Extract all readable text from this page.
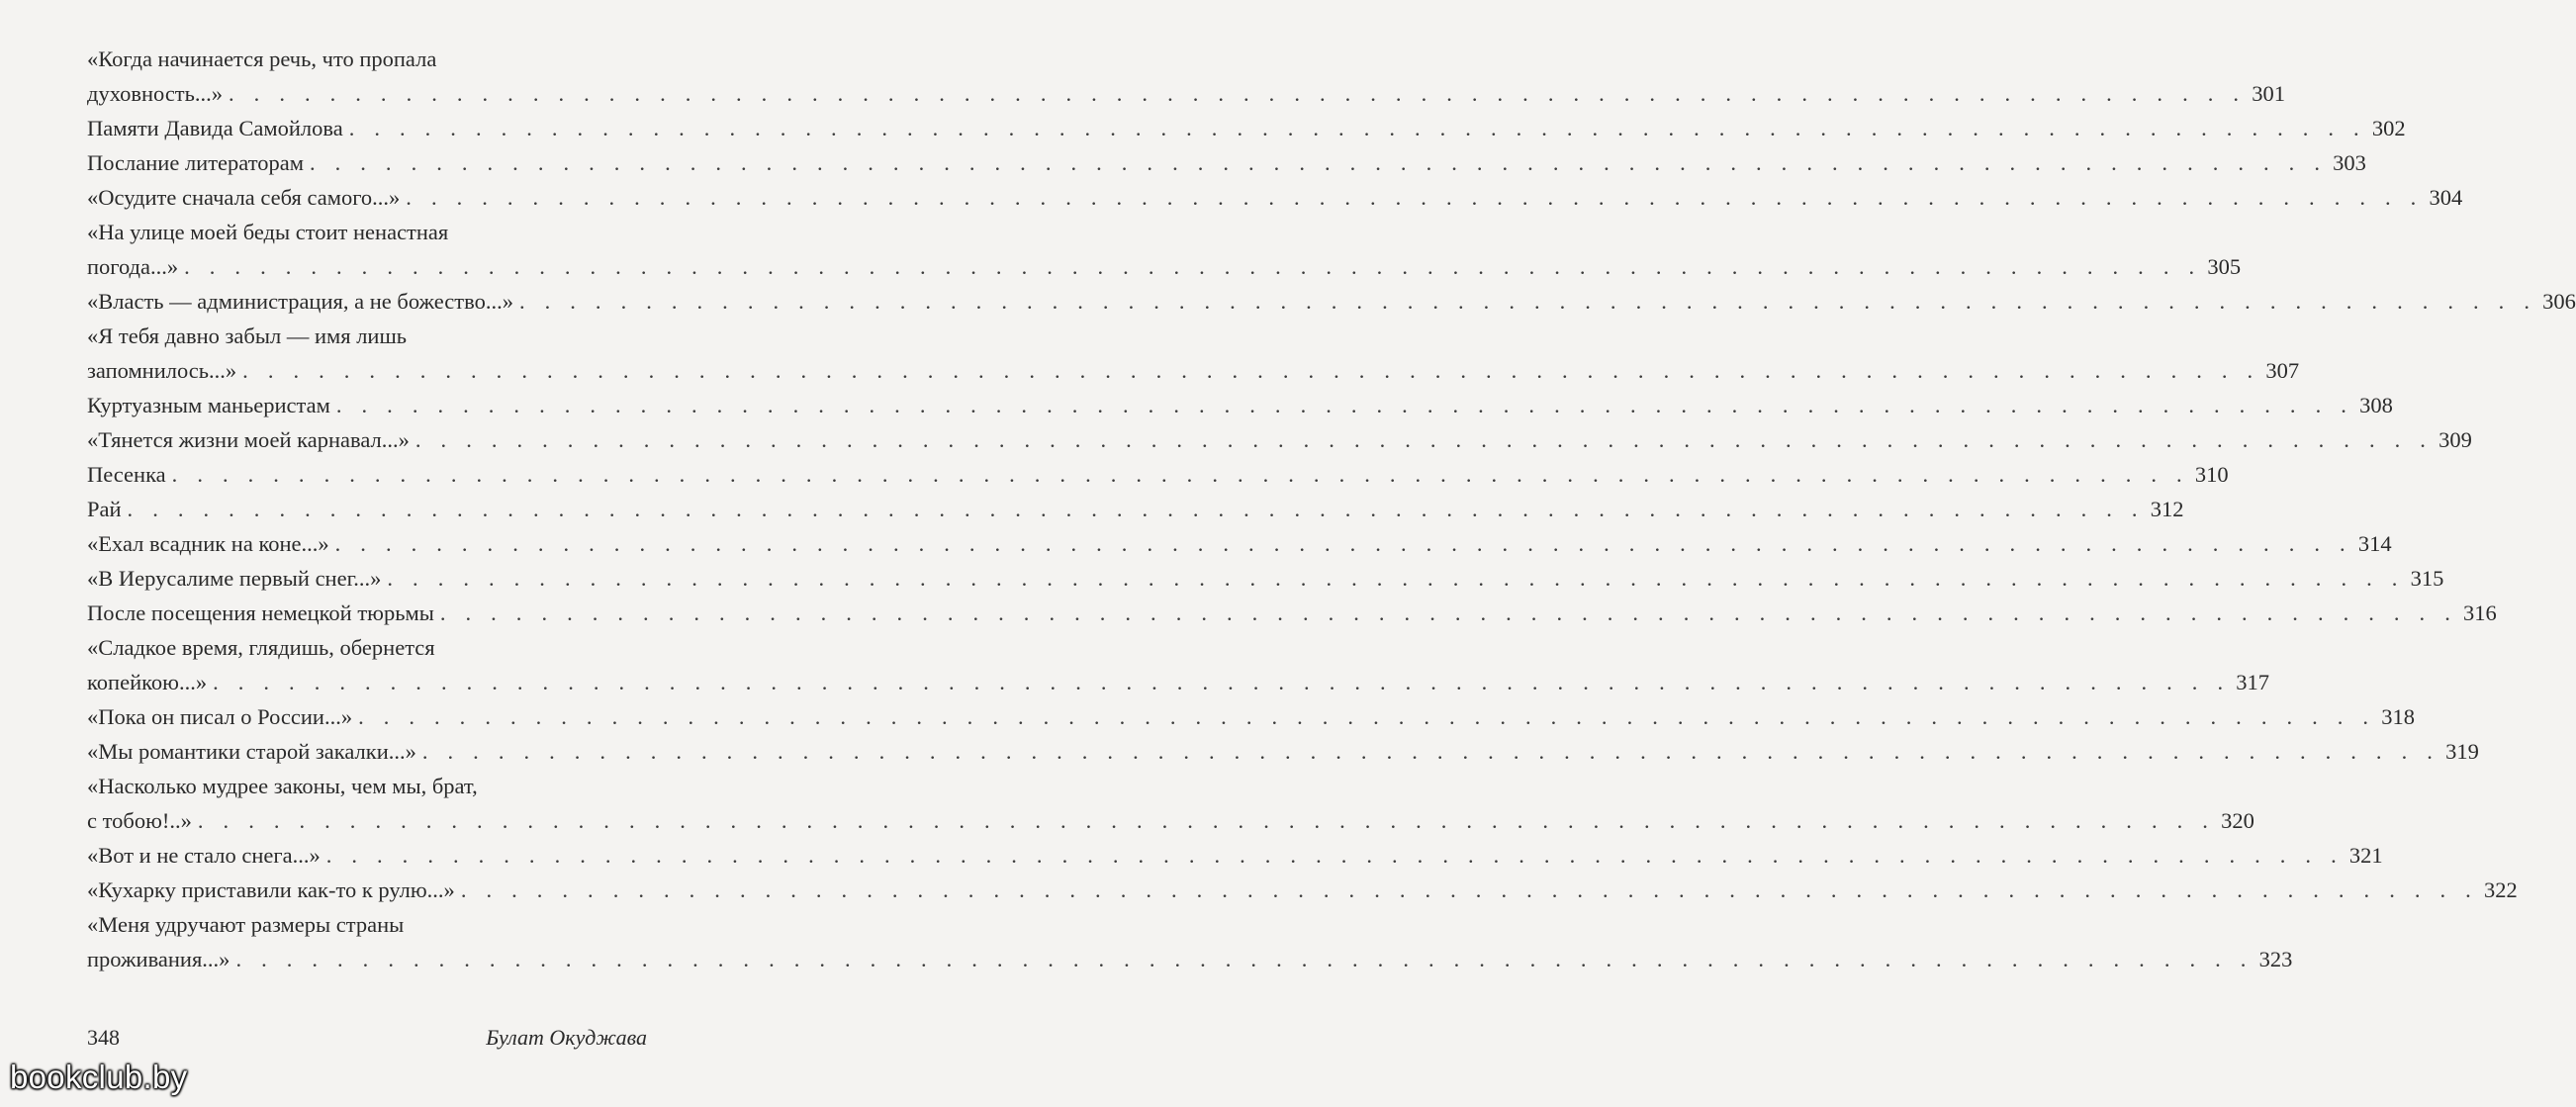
«Когда начинается речь, что пропала
духовность...» . . . . . . . . . . . . . . . . . . . . . . . . . . . . . . . . . . . . . . . . . . . . . . . . . . . . . . . . . . . . . . . . . . . . . . . . . . . . . . . . 301
Памяти Давида Самойлова . . . . . . . . . . . . . . . . . . . . . . . . . . . . . . . . . . . . . . . . . . . . . . . . . . . . . . . . . . . . . . . . . . . . . . . . . . . . . . . . 302
Послание литераторам . . . . . . . . . . . . . . . . . . . . . . . . . . . . . . . . . . . . . . . . . . . . . . . . . . . . . . . . . . . . . . . . . . . . . . . . . . . . . . . . 303
«Осудите сначала себя самого...» . . . . . . . . . . . . . . . . . . . . . . . . . . . . . . . . . . . . . . . . . . . . . . . . . . . . . . . . . . . . . . . . . . . . . . . . . . . . . . . . 304
«На улице моей беды стоит ненастная
погода...» . . . . . . . . . . . . . . . . . . . . . . . . . . . . . . . . . . . . . . . . . . . . . . . . . . . . . . . . . . . . . . . . . . . . . . . . . . . . . . . . 305
«Власть — администрация, а не божество...» . . . . . . . . . . . . . . . . . . . . . . . . . . . . . . . . . . . . . . . . . . . . . . . . . . . . . . . . . . . . . . . . . . . . . . . . . . . . . . . . 306
«Я тебя давно забыл — имя лишь
запомнилось...» . . . . . . . . . . . . . . . . . . . . . . . . . . . . . . . . . . . . . . . . . . . . . . . . . . . . . . . . . . . . . . . . . . . . . . . . . . . . . . . . 307
Куртуазным маньеристам . . . . . . . . . . . . . . . . . . . . . . . . . . . . . . . . . . . . . . . . . . . . . . . . . . . . . . . . . . . . . . . . . . . . . . . . . . . . . . . . 308
«Тянется жизни моей карнавал...» . . . . . . . . . . . . . . . . . . . . . . . . . . . . . . . . . . . . . . . . . . . . . . . . . . . . . . . . . . . . . . . . . . . . . . . . . . . . . . . . 309
Песенка . . . . . . . . . . . . . . . . . . . . . . . . . . . . . . . . . . . . . . . . . . . . . . . . . . . . . . . . . . . . . . . . . . . . . . . . . . . . . . . . 310
Рай . . . . . . . . . . . . . . . . . . . . . . . . . . . . . . . . . . . . . . . . . . . . . . . . . . . . . . . . . . . . . . . . . . . . . . . . . . . . . . . . 312
«Ехал всадник на коне...» . . . . . . . . . . . . . . . . . . . . . . . . . . . . . . . . . . . . . . . . . . . . . . . . . . . . . . . . . . . . . . . . . . . . . . . . . . . . . . . . 314
«В Иерусалиме первый снег...» . . . . . . . . . . . . . . . . . . . . . . . . . . . . . . . . . . . . . . . . . . . . . . . . . . . . . . . . . . . . . . . . . . . . . . . . . . . . . . . . 315
После посещения немецкой тюрьмы . . . . . . . . . . . . . . . . . . . . . . . . . . . . . . . . . . . . . . . . . . . . . . . . . . . . . . . . . . . . . . . . . . . . . . . . . . . . . . . . 316
«Сладкое время, глядишь, обернется
копейкою...» . . . . . . . . . . . . . . . . . . . . . . . . . . . . . . . . . . . . . . . . . . . . . . . . . . . . . . . . . . . . . . . . . . . . . . . . . . . . . . . . 317
«Пока он писал о России...» . . . . . . . . . . . . . . . . . . . . . . . . . . . . . . . . . . . . . . . . . . . . . . . . . . . . . . . . . . . . . . . . . . . . . . . . . . . . . . . . 318
«Мы романтики старой закалки...» . . . . . . . . . . . . . . . . . . . . . . . . . . . . . . . . . . . . . . . . . . . . . . . . . . . . . . . . . . . . . . . . . . . . . . . . . . . . . . . . 319
«Насколько мудрее законы, чем мы, брат,
с тобою!..» . . . . . . . . . . . . . . . . . . . . . . . . . . . . . . . . . . . . . . . . . . . . . . . . . . . . . . . . . . . . . . . . . . . . . . . . . . . . . . . . 320
«Вот и не стало снега...» . . . . . . . . . . . . . . . . . . . . . . . . . . . . . . . . . . . . . . . . . . . . . . . . . . . . . . . . . . . . . . . . . . . . . . . . . . . . . . . . 321
«Кухарку приставили как-то к рулю...» . . . . . . . . . . . . . . . . . . . . . . . . . . . . . . . . . . . . . . . . . . . . . . . . . . . . . . . . . . . . . . . . . . . . . . . . . . . . . . . . 322
«Меня удручают размеры страны
проживания...» . . . . . . . . . . . . . . . . . . . . . . . . . . . . . . . . . . . . . . . . . . . . . . . . . . . . . . . . . . . . . . . . . . . . . . . . . . . . . . . . 323
348	Булат Окуджава
bookclub.by
